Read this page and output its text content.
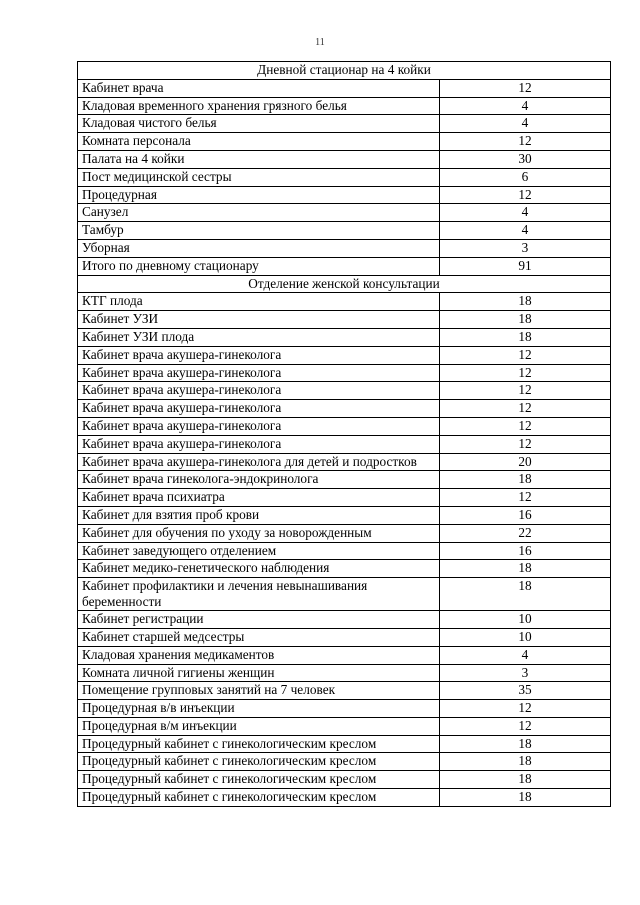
11
Дневной стационар на 4 койки	
Кабинет врача	12
Кладовая временного хранения грязного белья	4
Кладовая чистого белья	4
Комната персонала	12
Палата на 4 койки	30
Пост медицинской сестры	6
Процедурная	12
Санузел	4
Тамбур	4
Уборная	3
Итого по дневному стационару	91
Отделение женской консультации	
КТГ плода	18
Кабинет УЗИ	18
Кабинет УЗИ плода	18
Кабинет врача акушера-гинеколога	12
Кабинет врача акушера-гинеколога	12
Кабинет врача акушера-гинеколога	12
Кабинет врача акушера-гинеколога	12
Кабинет врача акушера-гинеколога	12
Кабинет врача акушера-гинеколога	12
Кабинет врача акушера-гинеколога для детей и подростков	20
Кабинет врача гинеколога-эндокринолога	18
Кабинет врача психиатра	12
Кабинет для взятия проб крови	16
Кабинет для обучения по уходу за новорожденным	22
Кабинет заведующего отделением	16
Кабинет медико-генетического наблюдения	18
Кабинет профилактики и лечения невынашивания беременности	18
Кабинет регистрации	10
Кабинет старшей медсестры	10
Кладовая хранения медикаментов	4
Комната личной гигиены женщин	3
Помещение групповых занятий на 7 человек	35
Процедурная в/в инъекции	12
Процедурная в/м инъекции	12
Процедурный кабинет с гинекологическим креслом	18
Процедурный кабинет с гинекологическим креслом	18
Процедурный кабинет с гинекологическим креслом	18
Процедурный кабинет с гинекологическим креслом	18
